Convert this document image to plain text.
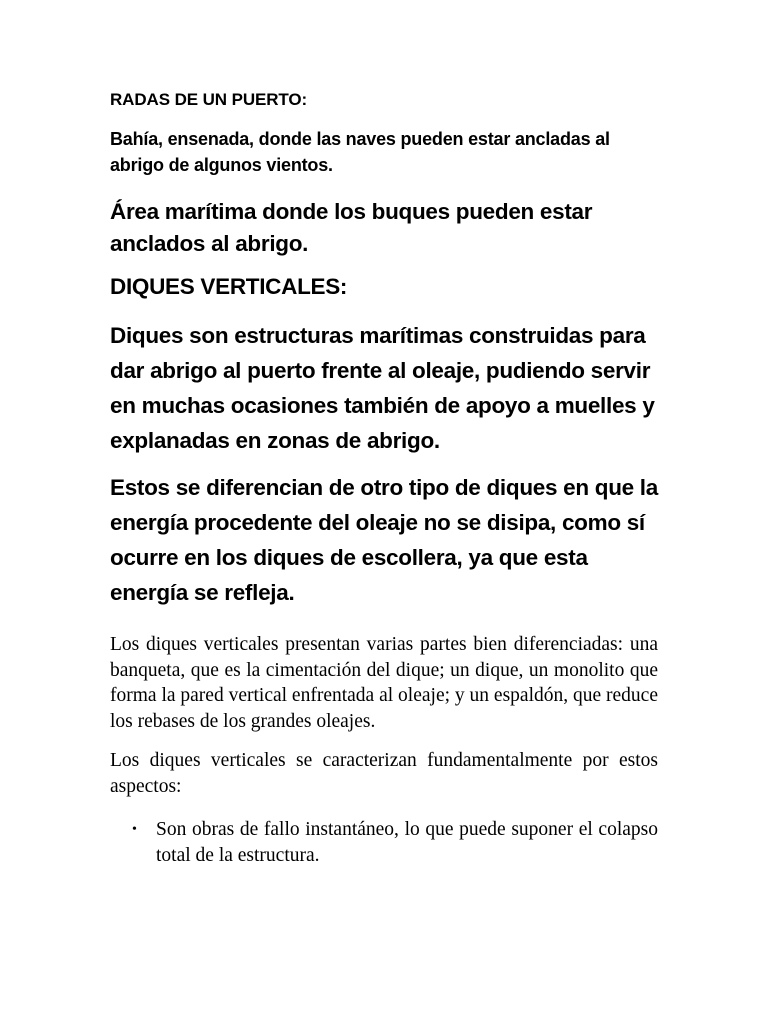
RADAS DE UN PUERTO:

Bahía, ensenada, donde las naves pueden estar ancladas al abrigo de algunos vientos.

Área marítima donde los buques pueden estar anclados al abrigo.

DIQUES VERTICALES:

Diques son estructuras marítimas construidas para dar abrigo al puerto frente al oleaje, pudiendo servir en muchas ocasiones también de apoyo a muelles y explanadas en zonas de abrigo.

Estos se diferencian de otro tipo de diques en que la energía procedente del oleaje no se disipa, como sí ocurre en los diques de escollera, ya que esta energía se refleja.

Los diques verticales presentan varias partes bien diferenciadas: una banqueta, que es la cimentación del dique; un dique, un monolito que forma la pared vertical enfrentada al oleaje; y un espaldón, que reduce los rebases de los grandes oleajes.

Los diques verticales se caracterizan fundamentalmente por estos aspectos:

• Son obras de fallo instantáneo, lo que puede suponer el colapso total de la estructura.
